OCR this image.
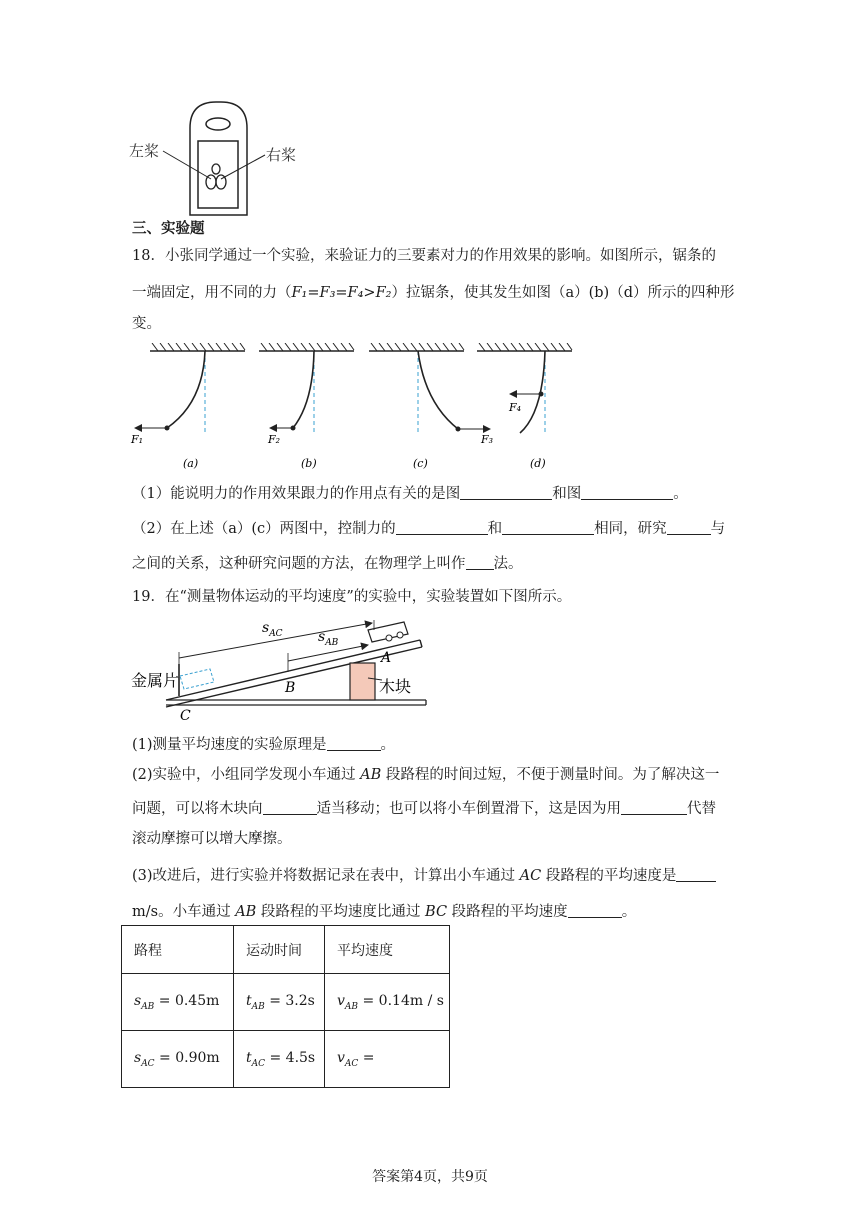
左桨	右桨
三、实验题
18．小张同学通过一个实验，来验证力的三要素对力的作用效果的影响。如图所示，锯条的
一端固定，用不同的力（F₁=F₃=F₄>F₂）拉锯条，使其发生如图（a）(b)（d）所示的四种形
变。
F₁
(a)
F₂
(b)
F₃
(c)
F₄
(d)
（1）能说明力的作用效果跟力的作用点有关的是图	和图	。
（2）在上述（a）(c）两图中，控制力的	和	相同，研究	与
之间的关系，这种研究问题的方法，在物理学上叫作 法。
19．在“测量物体运动的平均速度”的实验中，实验装置如下图所示。
$s_{AC}$	$s_{AB}$
A
B
C
金属片	木块
(1)测量平均速度的实验原理是	。
(2)实验中，小组同学发现小车通过 AB 段路程的时间过短，不便于测量时间。为了解决这一
问题，可以将木块向	适当移动；也可以将小车倒置滑下，这是因为用	代替
滚动摩擦可以增大摩擦。
(3)改进后，进行实验并将数据记录在表中，计算出小车通过 AC 段路程的平均速度是
m/s。小车通过 AB 段路程的平均速度比通过 BC 段路程的平均速度	。
路程	运动时间	平均速度
$s_{AB} = 0.45m$	$t_{AB} = 3.2s$	$v_{AB} = 0.14m / s$
$s_{AC} = 0.90m$	$t_{AC} = 4.5s$	$v_{AC}$ =
答案第4页，共9页
